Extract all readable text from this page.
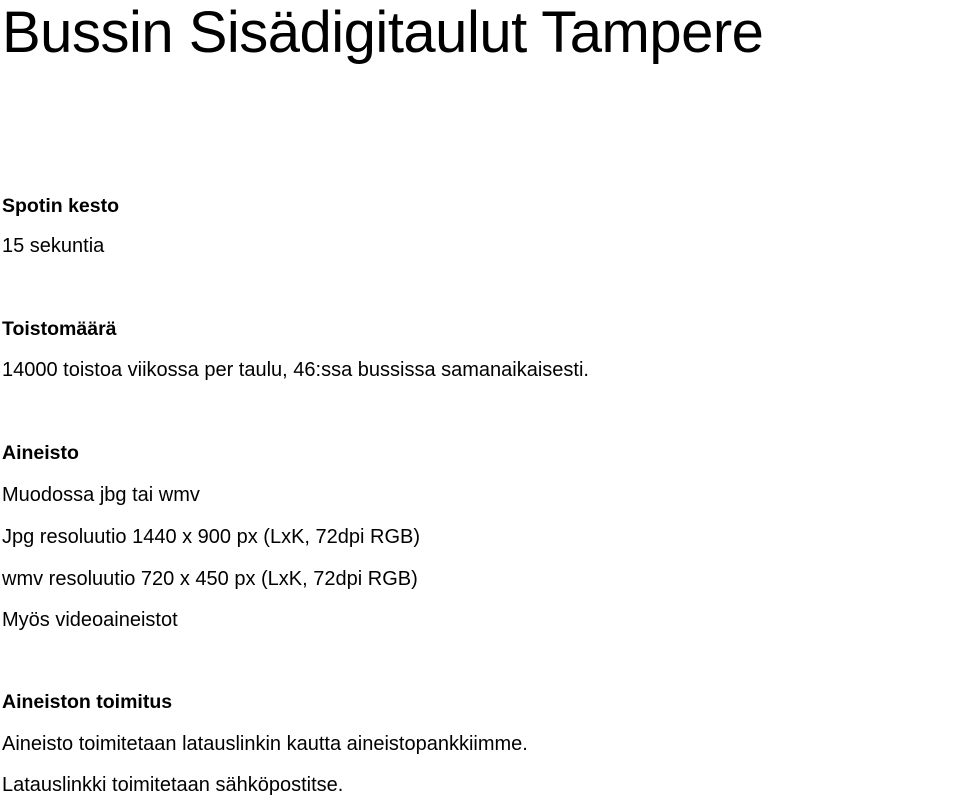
Bussin Sisädigitaulut Tampere

Spotin kesto

15 sekuntia

Toistomäärä

14000 toistoa viikossa per taulu, 46:ssa bussissa samanaikaisesti.

Aineisto

Muodossa jbg tai wmv

Jpg resoluutio 1440 x 900 px (LxK, 72dpi RGB)

wmv resoluutio 720 x 450 px (LxK, 72dpi RGB)

Myös videoaineistot

Aineiston toimitus

Aineisto toimitetaan latauslinkin kautta aineistopankkiimme.

Latauslinkki toimitetaan sähköpostitse.
